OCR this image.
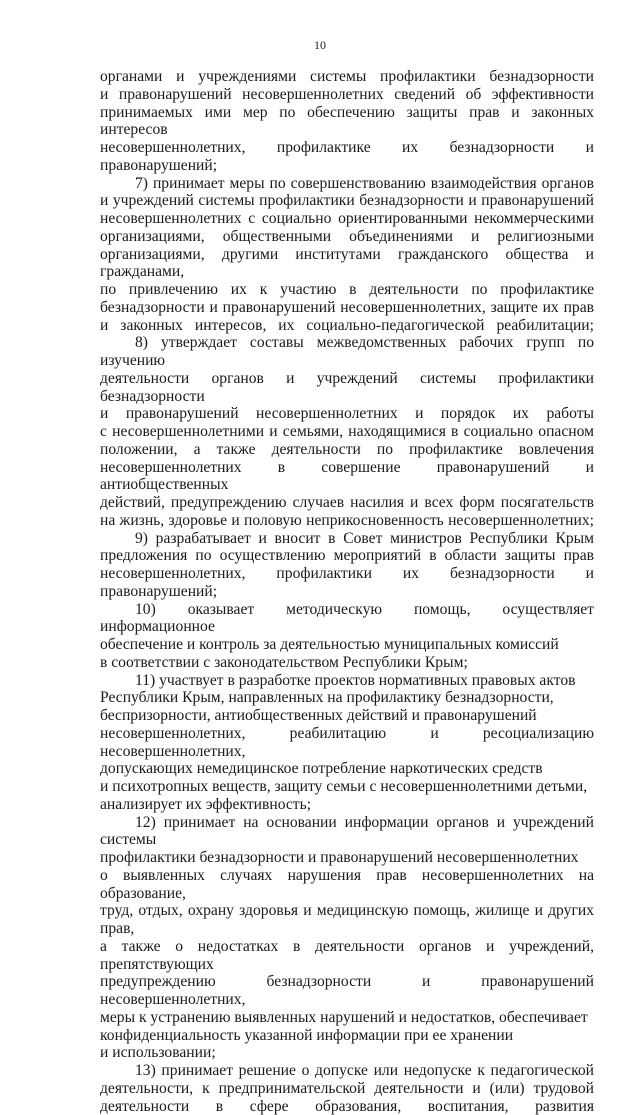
10

органами и учреждениями системы профилактики безнадзорности
и правонарушений несовершеннолетних сведений об эффективности
принимаемых ими мер по обеспечению защиты прав и законных интересов
несовершеннолетних, профилактике их безнадзорности и правонарушений;

7) принимает меры по совершенствованию взаимодействия органов
и учреждений системы профилактики безнадзорности и правонарушений
несовершеннолетних с социально ориентированными некоммерческими
организациями, общественными объединениями и религиозными
организациями, другими институтами гражданского общества и гражданами,
по привлечению их к участию в деятельности по профилактике
безнадзорности и правонарушений несовершеннолетних, защите их прав
и законных интересов, их социально-педагогической реабилитации;

8) утверждает составы межведомственных рабочих групп по изучению
деятельности органов и учреждений системы профилактики безнадзорности
и правонарушений несовершеннолетних и порядок их работы
с несовершеннолетними и семьями, находящимися в социально опасном
положении, а также деятельности по профилактике вовлечения
несовершеннолетних в совершение правонарушений и антиобщественных
действий, предупреждению случаев насилия и всех форм посягательств
на жизнь, здоровье и половую неприкосновенность несовершеннолетних;

9) разрабатывает и вносит в Совет министров Республики Крым
предложения по осуществлению мероприятий в области защиты прав
несовершеннолетних, профилактики их безнадзорности и правонарушений;

10) оказывает методическую помощь, осуществляет информационное
обеспечение и контроль за деятельностью муниципальных комиссий
в соответствии с законодательством Республики Крым;

11) участвует в разработке проектов нормативных правовых актов
Республики Крым, направленных на профилактику безнадзорности,
беспризорности, антиобщественных действий и правонарушений
несовершеннолетних, реабилитацию и ресоциализацию несовершеннолетних,
допускающих немедицинское потребление наркотических средств
и психотропных веществ, защиту семьи с несовершеннолетними детьми,
анализирует их эффективность;

12) принимает на основании информации органов и учреждений системы
профилактики безнадзорности и правонарушений несовершеннолетних
о выявленных случаях нарушения прав несовершеннолетних на образование,
труд, отдых, охрану здоровья и медицинскую помощь, жилище и других прав,
а также о недостатках в деятельности органов и учреждений, препятствующих
предупреждению безнадзорности и правонарушений несовершеннолетних,
меры к устранению выявленных нарушений и недостатков, обеспечивает
конфиденциальность указанной информации при ее хранении
и использовании;

13) принимает решение о допуске или недопуске к педагогической
деятельности, к предпринимательской деятельности и (или) трудовой
деятельности в сфере образования, воспитания, развития
